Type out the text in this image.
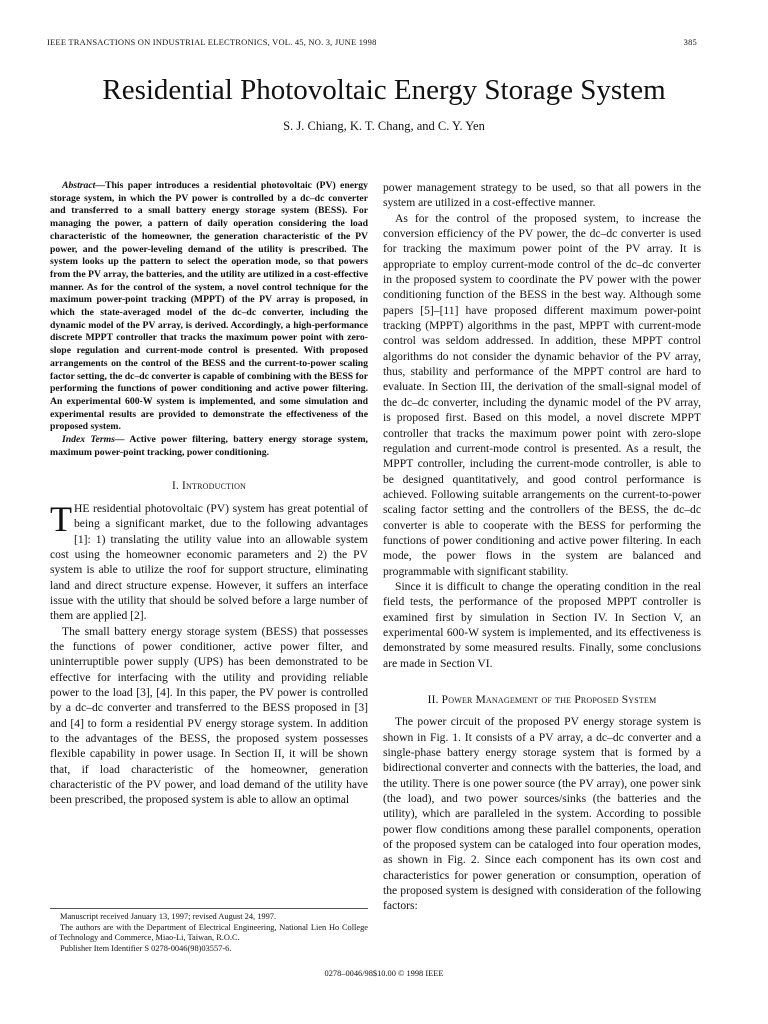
IEEE TRANSACTIONS ON INDUSTRIAL ELECTRONICS, VOL. 45, NO. 3, JUNE 1998	385
Residential Photovoltaic Energy Storage System
S. J. Chiang, K. T. Chang, and C. Y. Yen

Abstract—This paper introduces a residential photovoltaic (PV) energy storage system, in which the PV power is controlled by a dc–dc converter and transferred to a small battery energy storage system (BESS). For managing the power, a pattern of daily operation considering the load characteristic of the homeowner, the generation characteristic of the PV power, and the power-leveling demand of the utility is prescribed. The system looks up the pattern to select the operation mode, so that powers from the PV array, the batteries, and the utility are utilized in a cost-effective manner. As for the control of the system, a novel control technique for the maximum power-point tracking (MPPT) of the PV array is proposed, in which the state-averaged model of the dc–dc converter, including the dynamic model of the PV array, is derived. Accordingly, a high-performance discrete MPPT controller that tracks the maximum power point with zero-slope regulation and current-mode control is presented. With proposed arrangements on the control of the BESS and the current-to-power scaling factor setting, the dc–dc converter is capable of combining with the BESS for performing the functions of power conditioning and active power filtering. An experimental 600-W system is implemented, and some simulation and experimental results are provided to demonstrate the effectiveness of the proposed system.

Index Terms— Active power filtering, battery energy storage system, maximum power-point tracking, power conditioning.

I. Introduction

THE residential photovoltaic (PV) system has great potential of being a significant market, due to the following advantages [1]: 1) translating the utility value into an allowable system cost using the homeowner economic parameters and 2) the PV system is able to utilize the roof for support structure, eliminating land and direct structure expense. However, it suffers an interface issue with the utility that should be solved before a large number of them are applied [2].

The small battery energy storage system (BESS) that possesses the functions of power conditioner, active power filter, and uninterruptible power supply (UPS) has been demonstrated to be effective for interfacing with the utility and providing reliable power to the load [3], [4]. In this paper, the PV power is controlled by a dc–dc converter and transferred to the BESS proposed in [3] and [4] to form a residential PV energy storage system. In addition to the advantages of the BESS, the proposed system possesses flexible capability in power usage. In Section II, it will be shown that, if load characteristic of the homeowner, generation characteristic of the PV power, and load demand of the utility have been prescribed, the proposed system is able to allow an optimal

power management strategy to be used, so that all powers in the system are utilized in a cost-effective manner.

As for the control of the proposed system, to increase the conversion efficiency of the PV power, the dc–dc converter is used for tracking the maximum power point of the PV array. It is appropriate to employ current-mode control of the dc–dc converter in the proposed system to coordinate the PV power with the power conditioning function of the BESS in the best way. Although some papers [5]–[11] have proposed different maximum power-point tracking (MPPT) algorithms in the past, MPPT with current-mode control was seldom addressed. In addition, these MPPT control algorithms do not consider the dynamic behavior of the PV array, thus, stability and performance of the MPPT control are hard to evaluate. In Section III, the derivation of the small-signal model of the dc–dc converter, including the dynamic model of the PV array, is proposed first. Based on this model, a novel discrete MPPT controller that tracks the maximum power point with zero-slope regulation and current-mode control is presented. As a result, the MPPT controller, including the current-mode controller, is able to be designed quantitatively, and good control performance is achieved. Following suitable arrangements on the current-to-power scaling factor setting and the controllers of the BESS, the dc–dc converter is able to cooperate with the BESS for performing the functions of power conditioning and active power filtering. In each mode, the power flows in the system are balanced and programmable with significant stability.

Since it is difficult to change the operating condition in the real field tests, the performance of the proposed MPPT controller is examined first by simulation in Section IV. In Section V, an experimental 600-W system is implemented, and its effectiveness is demonstrated by some measured results. Finally, some conclusions are made in Section VI.

II. Power Management of the Proposed System

The power circuit of the proposed PV energy storage system is shown in Fig. 1. It consists of a PV array, a dc–dc converter and a single-phase battery energy storage system that is formed by a bidirectional converter and connects with the batteries, the load, and the utility. There is one power source (the PV array), one power sink (the load), and two power sources/sinks (the batteries and the utility), which are paralleled in the system. According to possible power flow conditions among these parallel components, operation of the proposed system can be cataloged into four operation modes, as shown in Fig. 2. Since each component has its own cost and characteristics for power generation or consumption, operation of the proposed system is designed with consideration of the following factors:

Manuscript received January 13, 1997; revised August 24, 1997.

The authors are with the Department of Electrical Engineering, National Lien Ho College of Technology and Commerce, Miao-Li, Taiwan, R.O.C.

Publisher Item Identifier S 0278-0046(98)03557-6.

0278–0046/98$10.00 © 1998 IEEE
